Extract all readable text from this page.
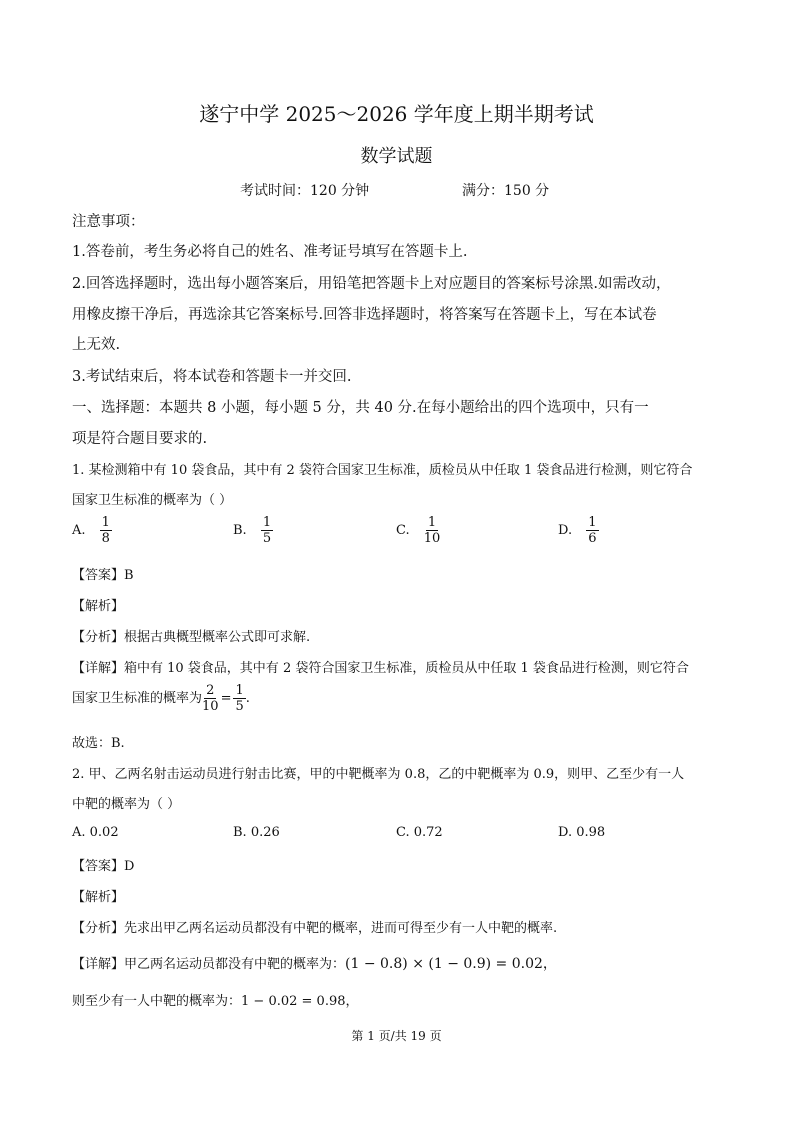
遂宁中学 2025～2026 学年度上期半期考试
数学试题
考试时间：120 分钟	满分：150 分
注意事项：
1.答卷前，考生务必将自己的姓名、准考证号填写在答题卡上.
2.回答选择题时，选出每小题答案后，用铅笔把答题卡上对应题目的答案标号涂黑.如需改动，
用橡皮擦干净后，再选涂其它答案标号.回答非选择题时，将答案写在答题卡上，写在本试卷
上无效.
3.考试结束后，将本试卷和答题卡一并交回.
一、选择题：本题共 8 小题，每小题 5 分，共 40 分.在每小题给出的四个选项中，只有一
项是符合题目要求的.
1. 某检测箱中有 10 袋食品，其中有 2 袋符合国家卫生标准，质检员从中任取 1 袋食品进行检测，则它符合
国家卫生标准的概率为（ ）
A. $\frac{1}{8}$	B. $\frac{1}{5}$	C. $\frac{1}{10}$	D. $\frac{1}{6}$
【答案】B
【解析】
【分析】根据古典概型概率公式即可求解.
【详解】箱中有 10 袋食品，其中有 2 袋符合国家卫生标准，质检员从中任取 1 袋食品进行检测，则它符合
国家卫生标准的概率为 $\frac{2}{10} = \frac{1}{5}$ .
故选：B.
2. 甲、乙两名射击运动员进行射击比赛，甲的中靶概率为 0.8，乙的中靶概率为 0.9，则甲、乙至少有一人
中靶的概率为（ ）
A. 0.02	B. 0.26	C. 0.72	D. 0.98
【答案】D
【解析】
【分析】先求出甲乙两名运动员都没有中靶的概率，进而可得至少有一人中靶的概率.
【详解】甲乙两名运动员都没有中靶的概率为：(1 − 0.8) × (1 − 0.9) = 0.02，
则至少有一人中靶的概率为：1 − 0.02 = 0.98，
第 1 页/共 19 页
